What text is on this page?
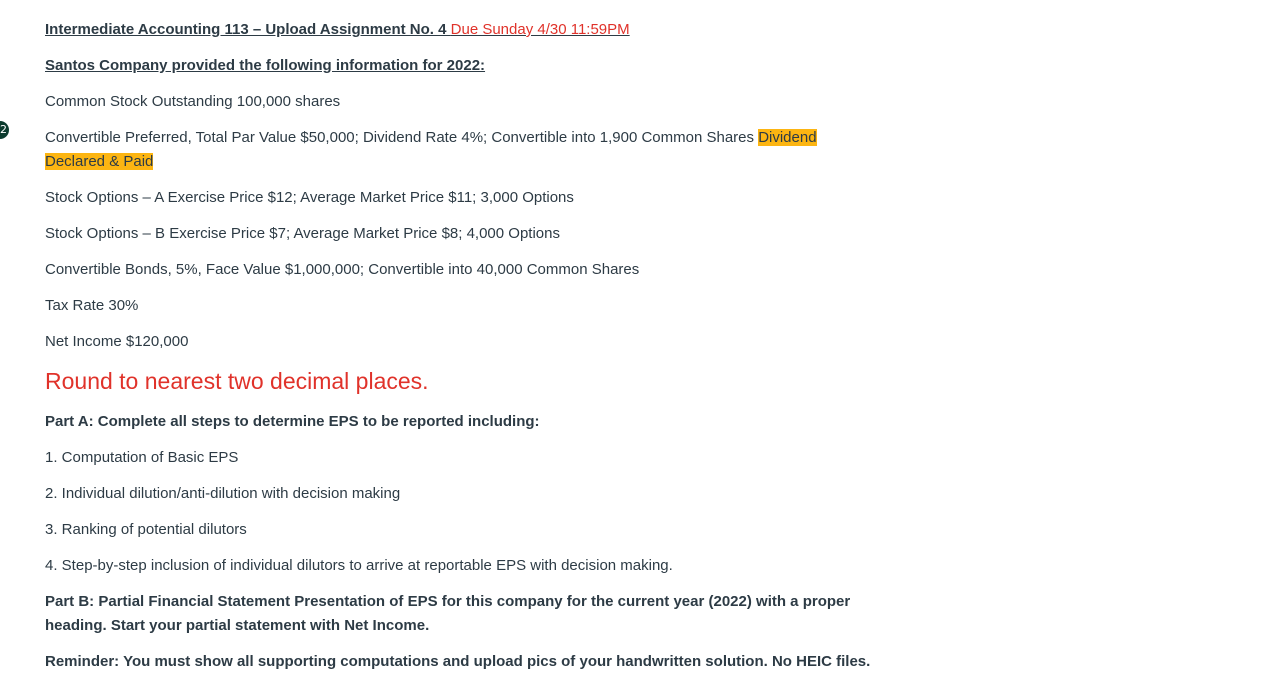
2

Intermediate Accounting 113 – Upload Assignment No. 4 Due Sunday 4/30 11:59PM

Santos Company provided the following information for 2022:

Common Stock Outstanding 100,000 shares

Convertible Preferred, Total Par Value $50,000; Dividend Rate 4%; Convertible into 1,900 Common Shares Dividend Declared & Paid

Stock Options – A Exercise Price $12; Average Market Price $11; 3,000 Options

Stock Options – B Exercise Price $7; Average Market Price $8; 4,000 Options

Convertible Bonds, 5%, Face Value $1,000,000; Convertible into 40,000 Common Shares

Tax Rate 30%

Net Income $120,000

Round to nearest two decimal places.

Part A: Complete all steps to determine EPS to be reported including:

1. Computation of Basic EPS

2. Individual dilution/anti-dilution with decision making

3. Ranking of potential dilutors

4. Step-by-step inclusion of individual dilutors to arrive at reportable EPS with decision making.

Part B: Partial Financial Statement Presentation of EPS for this company for the current year (2022) with a proper heading. Start your partial statement with Net Income.

Reminder: You must show all supporting computations and upload pics of your handwritten solution. No HEIC files.
